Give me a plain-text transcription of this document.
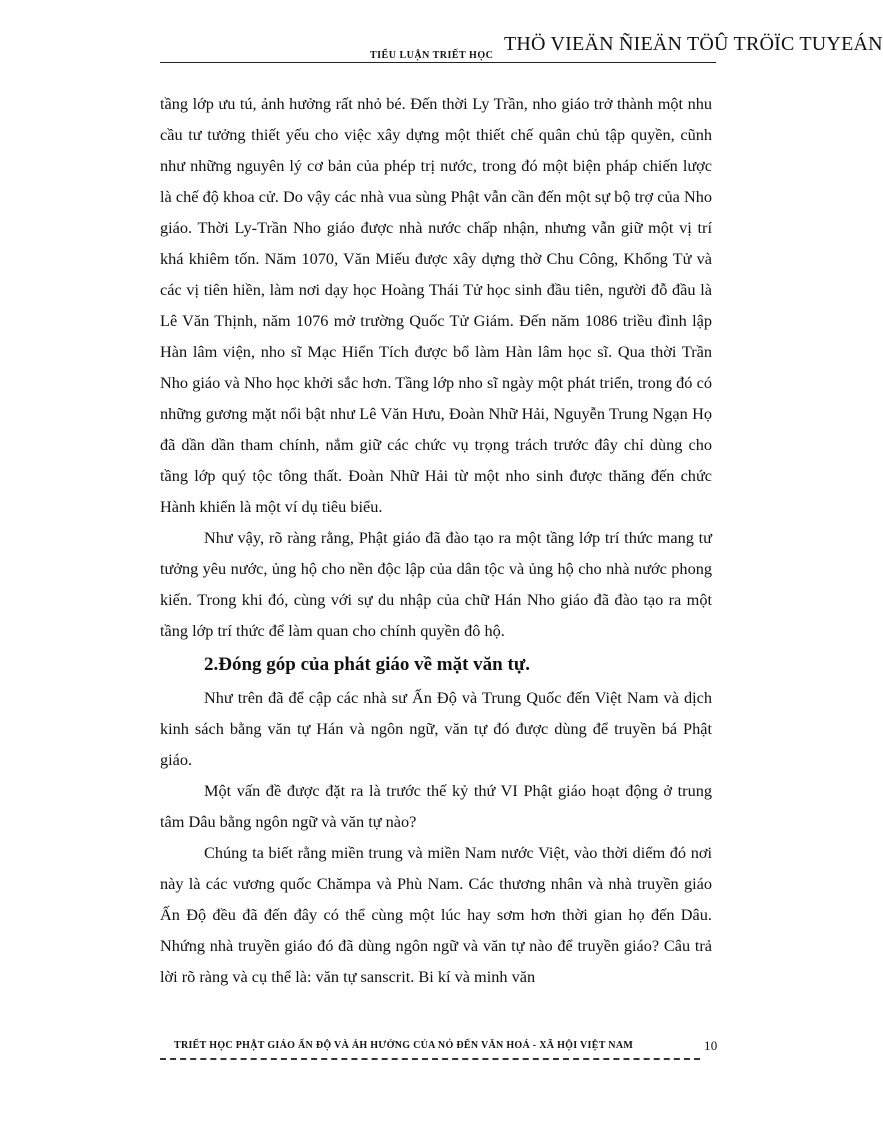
TIỂU LUẬN TRIẾT HỌC
THÖ VIEÄN ÑIEÄN TÖÛ TRÖÏC TUYEÁN

tầng lớp ưu tú, ảnh hưởng rất nhỏ bé. Đến thời Ly Trần, nho giáo trở thành một nhu cầu tư tưởng thiết yếu cho việc xây dựng một thiết chế quân chủ tập quyền, cũnh như những nguyên lý cơ bản của phép trị nước, trong đó một biện pháp chiến lược là chế độ khoa cử. Do vậy các nhà vua sùng Phật vẫn cần đến một sự bộ trợ của Nho giáo. Thời Ly-Trần Nho giáo được nhà nước chấp nhận, nhưng vẫn giữ một vị trí khá khiêm tốn. Năm 1070, Văn Miếu được xây dựng thờ Chu Công, Khổng Tử và các vị tiên hiền, làm nơi dạy học Hoàng Thái Tử học sinh đầu tiên, người đỗ đầu là Lê Văn Thịnh, năm 1076 mở trường Quốc Tử Giám. Đến năm 1086 triều đình lập Hàn lâm viện, nho sĩ Mạc Hiển Tích được bổ làm Hàn lâm học sĩ. Qua thời Trần Nho giáo và Nho học khởi sắc hơn. Tầng lớp nho sĩ ngày một phát triển, trong đó có những gương mặt nổi bật như Lê Văn Hưu, Đoàn Nhữ Hải, Nguyễn Trung Ngạn Họ đã dần dần tham chính, nắm giữ các chức vụ trọng trách trước đây chỉ dùng cho tầng lớp quý tộc tông thất. Đoàn Nhữ Hải từ một nho sinh được thăng đến chức Hành khiển là một ví dụ tiêu biểu.

Như vậy, rõ ràng rằng, Phật giáo đã đào tạo ra một tầng lớp trí thức mang tư tưởng yêu nước, ủng hộ cho nền độc lập của dân tộc và ủng hộ cho nhà nước phong kiến. Trong khi đó, cùng với sự du nhập của chữ Hán Nho giáo đã đào tạo ra một tầng lớp trí thức để làm quan cho chính quyền đô hộ.

2.Đóng góp của phát giáo về mặt văn tự.

Như trên đã để cập các nhà sư Ấn Độ và Trung Quốc đến Việt Nam và dịch kinh sách bằng văn tự Hán và ngôn ngữ, văn tự đó được dùng để truyền bá Phật giáo.

Một vấn đề được đặt ra là trước thế kỷ thứ VI Phật giáo hoạt động ở trung tâm Dâu bằng ngôn ngữ và văn tự nào?

Chúng ta biết rằng miền trung và miền Nam nước Việt, vào thời diểm đó nơi này là các vương quốc Chămpa và Phù Nam. Các thương nhân và nhà truyền giáo Ấn Độ đều đã đến đây có thể cùng một lúc hay sơm hơn thời gian họ đến Dâu. Nhứng nhà truyền giáo đó đã dùng ngôn ngữ và văn tự nào để truyền giáo? Câu trả lời rõ ràng và cụ thể là: văn tự sanscrit. Bi kí và minh văn

TRIẾT HỌC PHẬT GIÁO ẤN ĐỘ VÀ ẢH HƯỞNG CỦA NÓ ĐẾN VĂN HOÁ - XÃ HỘI VIỆT NAM	10
